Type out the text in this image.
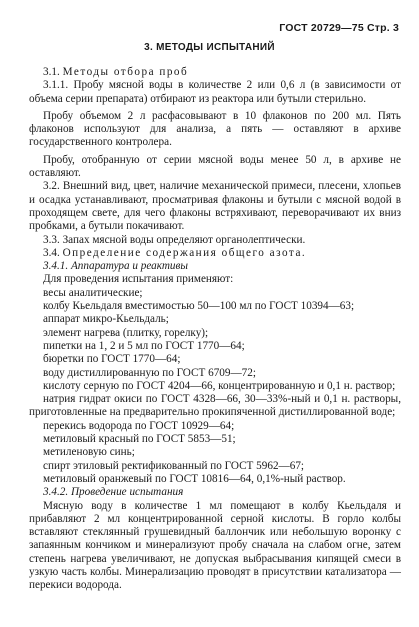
ГОСТ 20729—75 Стр. 3
3. МЕТОДЫ ИСПЫТАНИЙ

3.1. Методы отбора проб

3.1.1. Пробу мясной воды в количестве 2 или 0,6 л (в зависимости от объема серии препарата) отбирают из реактора или бутыли стерильно.

Пробу объемом 2 л расфасовывают в 10 флаконов по 200 мл. Пять флаконов используют для анализа, а пять — оставляют в архиве государственного контролера.

Пробу, отобранную от серии мясной воды менее 50 л, в архиве не оставляют.

3.2. Внешний вид, цвет, наличие механической примеси, плесени, хлопьев и осадка устанавливают, просматривая флаконы и бутыли с мясной водой в проходящем свете, для чего флаконы встряхивают, переворачивают их вниз пробками, а бутыли покачивают.

3.3. Запах мясной воды определяют органолептически.

3.4. Определение содержания общего азота.

3.4.1. Аппаратура и реактивы

Для проведения испытания применяют:

весы аналитические;

колбу Кьельдаля вместимостью 50—100 мл по ГОСТ 10394—63;

аппарат микро-Кьельдаль;

элемент нагрева (плитку, горелку);

пипетки на 1, 2 и 5 мл по ГОСТ 1770—64;

бюретки по ГОСТ 1770—64;

воду дистиллированную по ГОСТ 6709—72;

кислоту серную по ГОСТ 4204—66, концентрированную и 0,1 н. раствор;

натрия гидрат окиси по ГОСТ 4328—66, 30—33%-ный и 0,1 н. растворы, приготовленные на предварительно прокипяченной дистиллированной воде;

перекись водорода по ГОСТ 10929—64;

метиловый красный по ГОСТ 5853—51;

метиленовую синь;

спирт этиловый ректификованный по ГОСТ 5962—67;

метиловый оранжевый по ГОСТ 10816—64, 0,1%-ный раствор.

3.4.2. Проведение испытания

Мясную воду в количестве 1 мл помещают в колбу Кьельдаля и прибавляют 2 мл концентрированной серной кислоты. В горло колбы вставляют стеклянный грушевидный баллончик или небольшую воронку с запаянным кончиком и минерализуют пробу сначала на слабом огне, затем степень нагрева увеличивают, не допуская выбрасывания кипящей смеси в узкую часть колбы. Минерализацию проводят в присутствии катализатора — перекиси водорода.
